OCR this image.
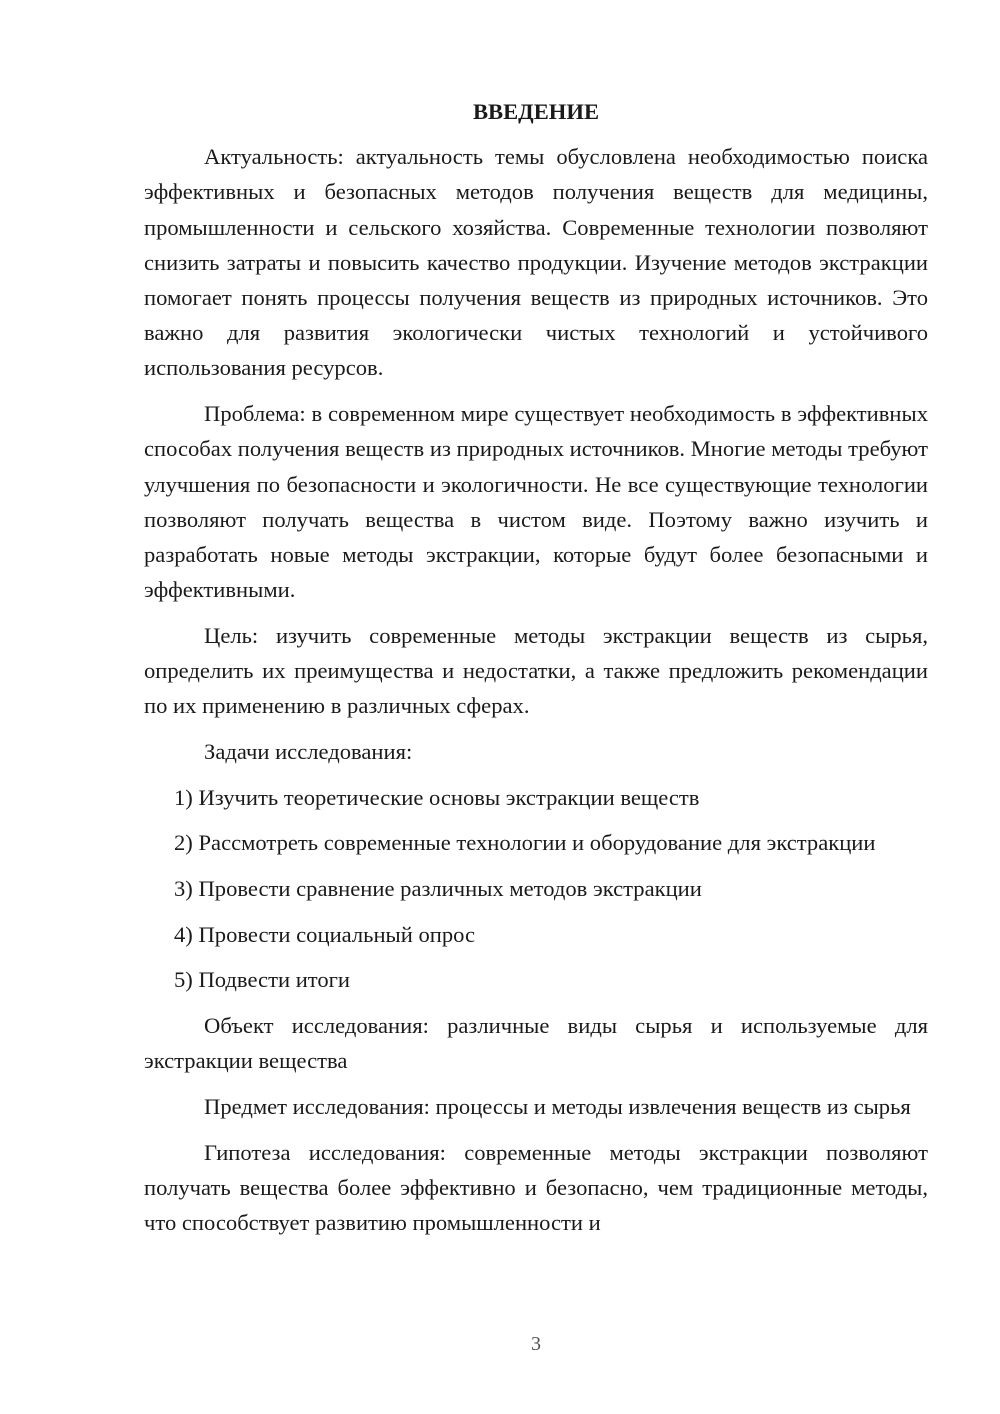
ВВЕДЕНИЕ

Актуальность: актуальность темы обусловлена необходимостью поиска эффективных и безопасных методов получения веществ для медицины, промышленности и сельского хозяйства. Современные технологии позволяют снизить затраты и повысить качество продукции. Изучение методов экстракции помогает понять процессы получения веществ из природных источников. Это важно для развития экологически чистых технологий и устойчивого использования ресурсов.

Проблема: в современном мире существует необходимость в эффективных способах получения веществ из природных источников. Многие методы требуют улучшения по безопасности и экологичности. Не все существующие технологии позволяют получать вещества в чистом виде. Поэтому важно изучить и разработать новые методы экстракции, которые будут более безопасными и эффективными.

Цель: изучить современные методы экстракции веществ из сырья, определить их преимущества и недостатки, а также предложить рекомендации по их применению в различных сферах.

Задачи исследования:

1) Изучить теоретические основы экстракции веществ

2) Рассмотреть современные технологии и оборудование для экстракции

3) Провести сравнение различных методов экстракции

4) Провести социальный опрос

5) Подвести итоги

Объект исследования: различные виды сырья и используемые для экстракции вещества

Предмет исследования: процессы и методы извлечения веществ из сырья

Гипотеза исследования: современные методы экстракции позволяют получать вещества более эффективно и безопасно, чем традиционные методы, что способствует развитию промышленности и

3
